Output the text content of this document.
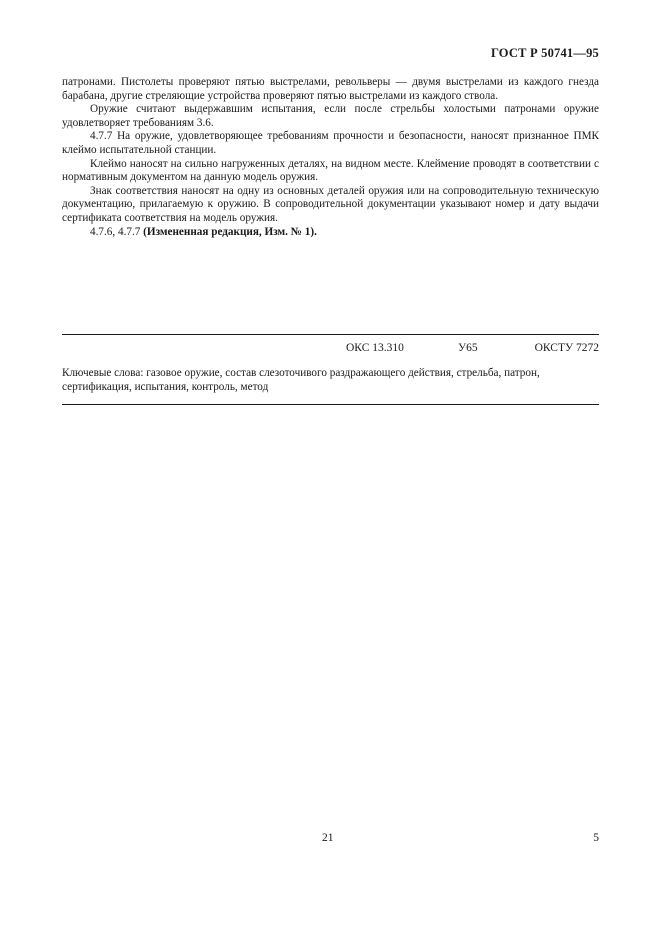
ГОСТ Р 50741—95

патронами. Пистолеты проверяют пятью выстрелами, револьверы — двумя выстрелами из каждого гнезда барабана, другие стреляющие устройства проверяют пятью выстрелами из каждого ствола.

Оружие считают выдержавшим испытания, если после стрельбы холостыми патронами оружие удовлетворяет требованиям 3.6.

4.7.7 На оружие, удовлетворяющее требованиям прочности и безопасности, наносят признанное ПМК клеймо испытательной станции.

Клеймо наносят на сильно нагруженных деталях, на видном месте. Клеймение проводят в соответствии с нормативным документом на данную модель оружия.

Знак соответствия наносят на одну из основных деталей оружия или на сопроводительную техническую документацию, прилагаемую к оружию. В сопроводительной документации указывают номер и дату выдачи сертификата соответствия на модель оружия.

4.7.6, 4.7.7 (Измененная редакция, Изм. № 1).

ОКС 13.310	У65	ОКСТУ 7272
Ключевые слова: газовое оружие, состав слезоточивого раздражающего действия, стрельба, патрон, сертификация, испытания, контроль, метод
21	5
